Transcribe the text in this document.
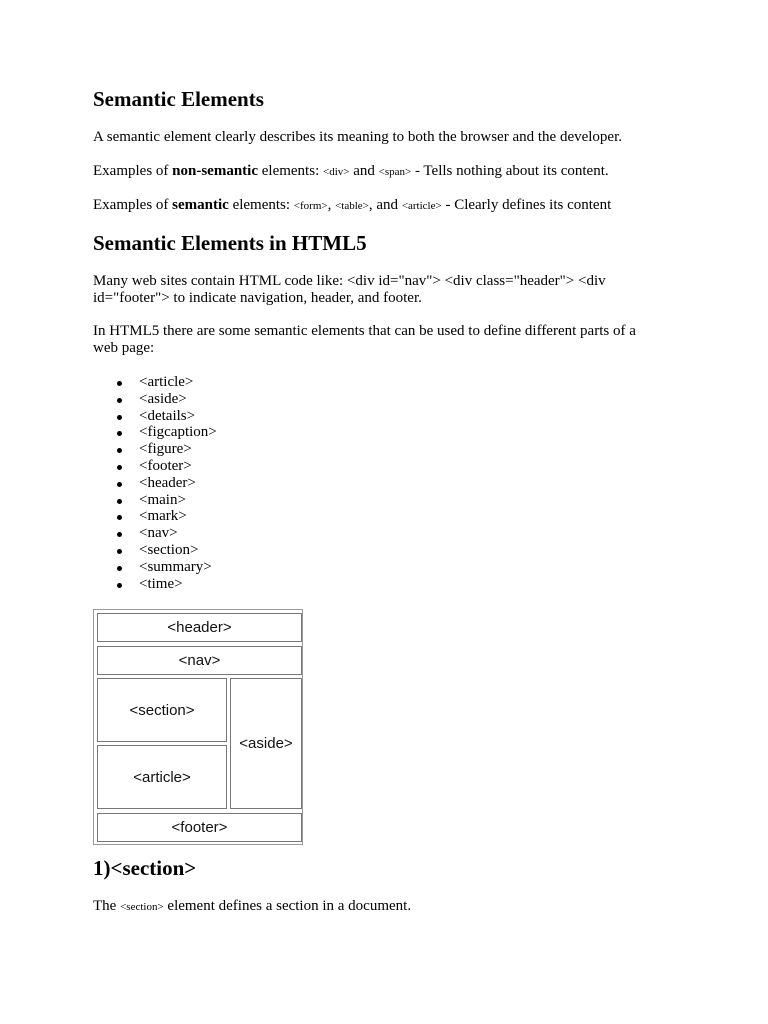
Semantic Elements

A semantic element clearly describes its meaning to both the browser and the developer.

Examples of non-semantic elements: <div> and <span> - Tells nothing about its content.

Examples of semantic elements: <form>, <table>, and <article> - Clearly defines its content

Semantic Elements in HTML5

Many web sites contain HTML code like: <div id="nav"> <div class="header"> <div id="footer"> to indicate navigation, header, and footer.

In HTML5 there are some semantic elements that can be used to define different parts of a web page:

<article>
<aside>
<details>
<figcaption>
<figure>
<footer>
<header>
<main>
<mark>
<nav>
<section>
<summary>
<time>
1)<section>

The <section> element defines a section in a document.

<header>
<nav>
<section>
<article>
<aside>
<footer>
